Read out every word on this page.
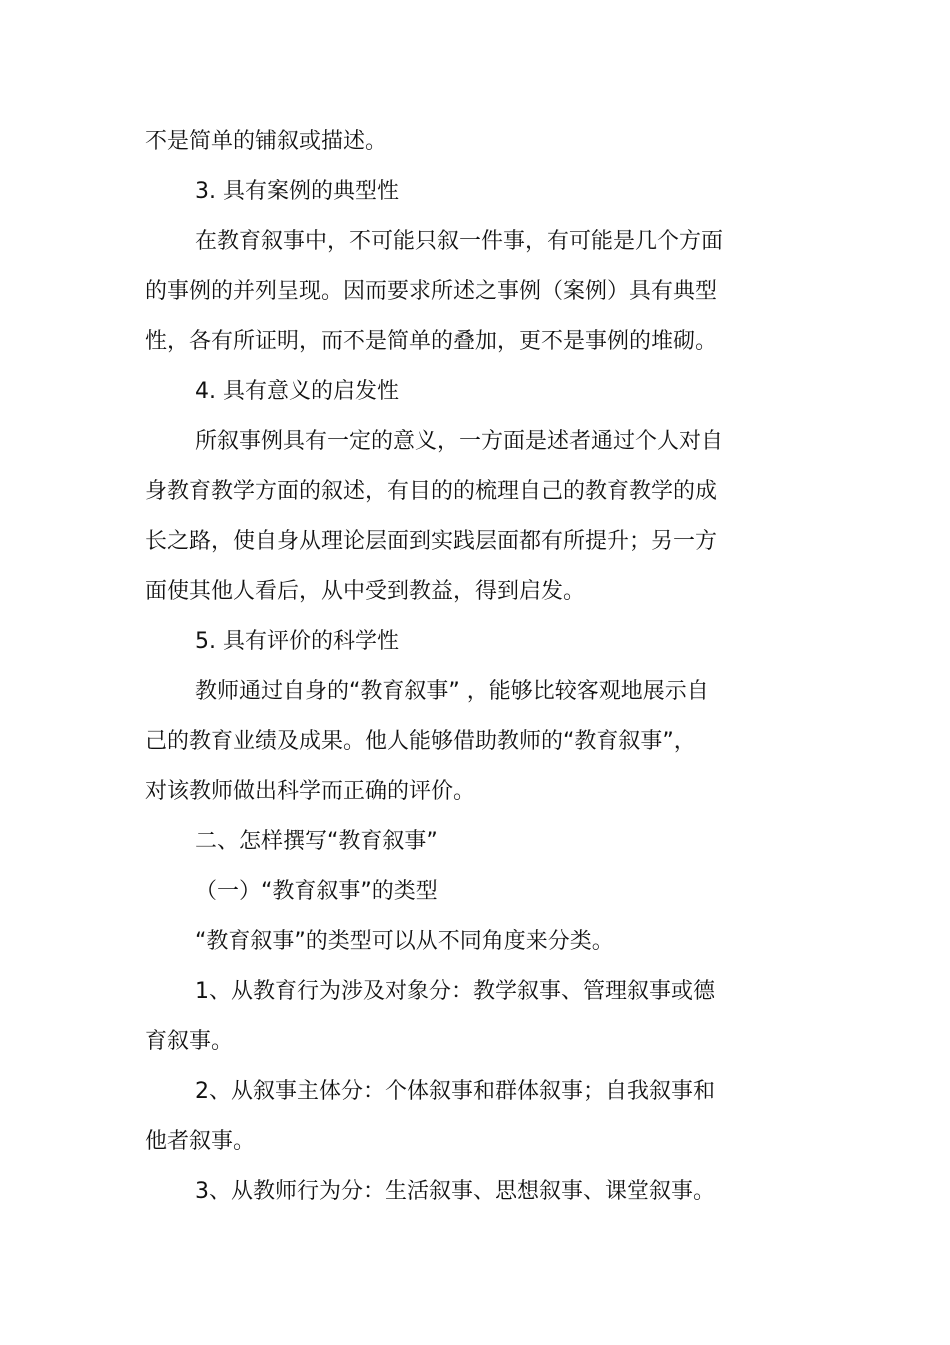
不是简单的铺叙或描述。

3. 具有案例的典型性

在教育叙事中，不可能只叙一件事，有可能是几个方面

的事例的并列呈现。因而要求所述之事例（案例）具有典型

性，各有所证明，而不是简单的叠加，更不是事例的堆砌。

4. 具有意义的启发性

所叙事例具有一定的意义，一方面是述者通过个人对自

身教育教学方面的叙述，有目的的梳理自己的教育教学的成

长之路，使自身从理论层面到实践层面都有所提升；另一方

面使其他人看后，从中受到教益，得到启发。

5. 具有评价的科学性

教师通过自身的“教育叙事” ，能够比较客观地展示自

己的教育业绩及成果。他人能够借助教师的“教育叙事”，

对该教师做出科学而正确的评价。

二、怎样撰写“教育叙事”

（一）“教育叙事”的类型

“教育叙事”的类型可以从不同角度来分类。

1、从教育行为涉及对象分：教学叙事、管理叙事或德

育叙事。

2、从叙事主体分：个体叙事和群体叙事；自我叙事和

他者叙事。

3、从教师行为分：生活叙事、思想叙事、课堂叙事。
